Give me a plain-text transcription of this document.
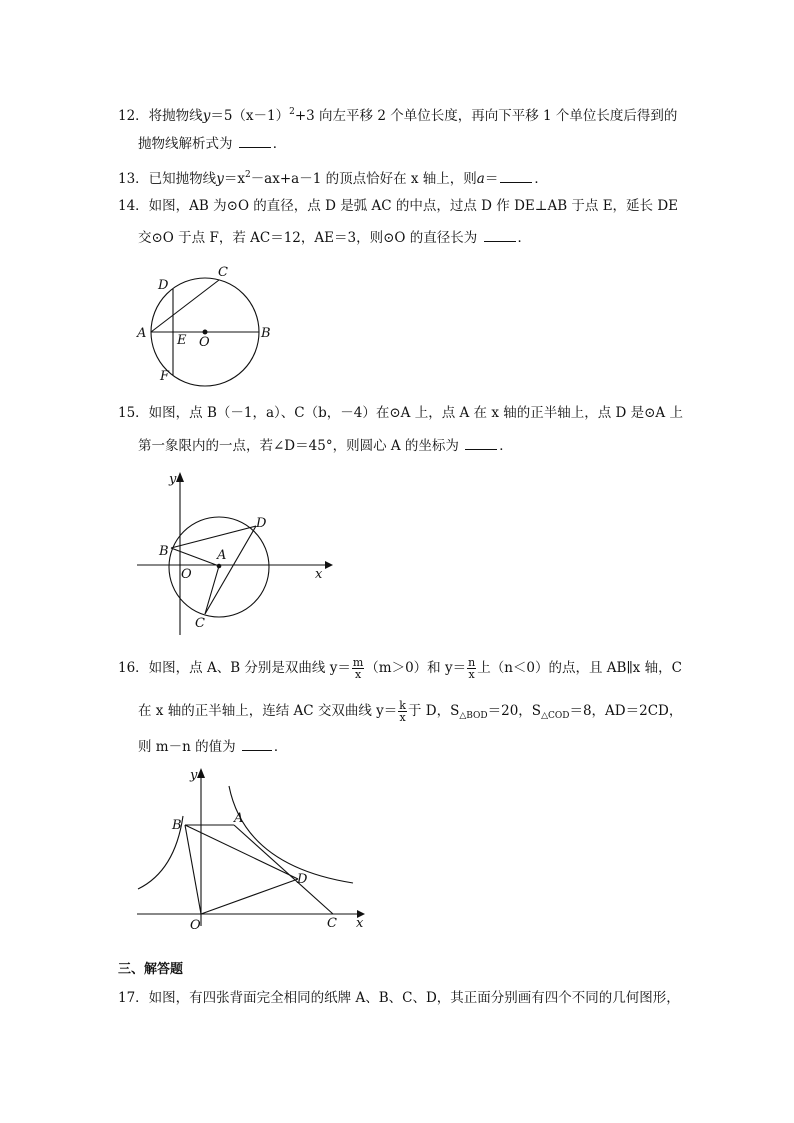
12．将抛物线$y=5(x-1)^2+3$ 向左平移 2 个单位长度，再向下平移 1 个单位长度后得到的
抛物线解析式为	．
13．已知抛物线$y=x^2-ax+a-1$ 的顶点恰好在 x 轴上，则a＝	．
14．如图，AB 为⊙O 的直径，点 D 是弧 AC 的中点，过点 D 作 DE⊥AB 于点 E，延长 DE
交⊙O 于点 F，若 AC＝12，AE＝3，则⊙O 的直径长为	．
A	B
C
D
E
F
O
15．如图，点 B（－1，a）、C（b，－4）在⊙A 上，点 A 在 x 轴的正半轴上，点 D 是⊙A 上
第一象限内的一点，若∠D＝45°，则圆心 A 的坐标为	．
B
D
A
O
C
x
y
16．如图，点 A、B 分别是双曲线 $y= \frac{m}{x} (m>0)$和 $y= \frac{n}{x}$ 上（n＜0）的点，且 AB∥x 轴，C
在 x 轴的正半轴上，连结 AC 交双曲线 $y= \frac{k}{x}$ 于 D，$S_{\triangle BOD}=20$，$S_{\triangle COD}=8$，AD＝2CD，
则 m－n 的值为	．
B	A
D
O	C x
y
三、解答题
17．如图，有四张背面完全相同的纸牌 A、B、C、D，其正面分别画有四个不同的几何图形，
